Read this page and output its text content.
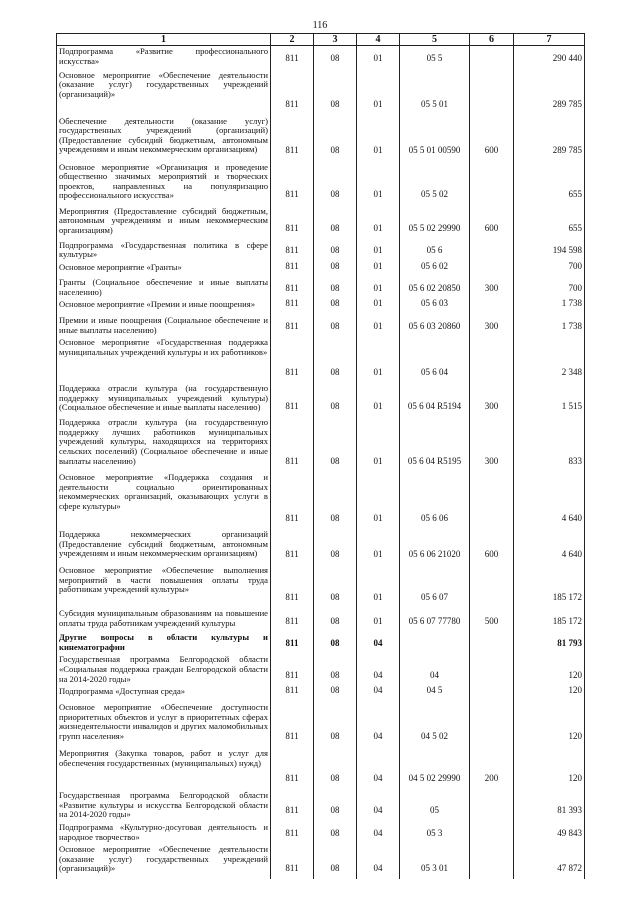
116
1	2	3	4	5	6	7
Подпрограмма «Развитие профессионального искусства»	811	08	01	05 5		290 440
Основное мероприятие «Обеспечение деятельности (оказание услуг) государственных учреждений (организаций)»	811	08	01	05 5 01		289 785
Обеспечение деятельности (оказание услуг) государственных учреждений (организаций) (Предоставление субсидий бюджетным, автономным учреждениям и иным некоммерческим организациям)	811	08	01	05 5 01 00590	600	289 785
Основное мероприятие «Организация и проведение общественно значимых мероприятий и творческих проектов, направленных на популяризацию профессионального искусства»	811	08	01	05 5 02		655
Мероприятия (Предоставление субсидий бюджетным, автономным учреждениям и иным некоммерческим организациям)	811	08	01	05 5 02 29990	600	655
Подпрограмма «Государственная политика в сфере культуры»	811	08	01	05 6		194 598
Основное мероприятие «Гранты»	811	08	01	05 6 02		700
Гранты (Социальное обеспечение и иные выплаты населению)	811	08	01	05 6 02 20850	300	700
Основное мероприятие «Премии и иные поощрения»	811	08	01	05 6 03		1 738
Премии и иные поощрения (Социальное обеспечение и иные выплаты населению)	811	08	01	05 6 03 20860	300	1 738
Основное мероприятие «Государственная поддержка муниципальных учреждений культуры и их работников»	811	08	01	05 6 04		2 348
Поддержка отрасли культура (на государственную поддержку муниципальных учреждений культуры) (Социальное обеспечение и иные выплаты населению)	811	08	01	05 6 04 R5194	300	1 515
Поддержка отрасли культура (на государственную поддержку лучших работников муниципальных учреждений культуры, находящихся на территориях сельских поселений) (Социальное обеспечение и иные выплаты населению)	811	08	01	05 6 04 R5195	300	833
Основное мероприятие «Поддержка создания и деятельности социально ориентированных некоммерческих организаций, оказывающих услуги в сфере культуры»	811	08	01	05 6 06		4 640
Поддержка некоммерческих организаций (Предоставление субсидий бюджетным, автономным учреждениям и иным некоммерческим организациям)	811	08	01	05 6 06 21020	600	4 640
Основное мероприятие «Обеспечение выполнения мероприятий в части повышения оплаты труда работникам учреждений культуры»	811	08	01	05 6 07		185 172
Субсидия муниципальным образованиям на повышение оплаты труда работникам учреждений культуры	811	08	01	05 6 07 77780	500	185 172
Другие вопросы в области культуры и кинематографии	811	08	04			81 793
Государственная программа Белгородской области «Социальная поддержка граждан Белгородской области на 2014-2020 годы»	811	08	04	04		120
Подпрограмма «Доступная среда»	811	08	04	04 5		120
Основное мероприятие «Обеспечение доступности приоритетных объектов и услуг в приоритетных сферах жизнедеятельности инвалидов и других маломобильных групп населения»	811	08	04	04 5 02		120
Мероприятия (Закупка товаров, работ и услуг для обеспечения государственных (муниципальных) нужд)	811	08	04	04 5 02 29990	200	120
Государственная программа Белгородской области «Развитие культуры и искусства Белгородской области на 2014-2020 годы»	811	08	04	05		81 393
Подпрограмма «Культурно-досуговая деятельность и народное творчество»	811	08	04	05 3		49 843
Основное мероприятие «Обеспечение деятельности (оказание услуг) государственных учреждений (организаций)»	811	08	04	05 3 01		47 872
